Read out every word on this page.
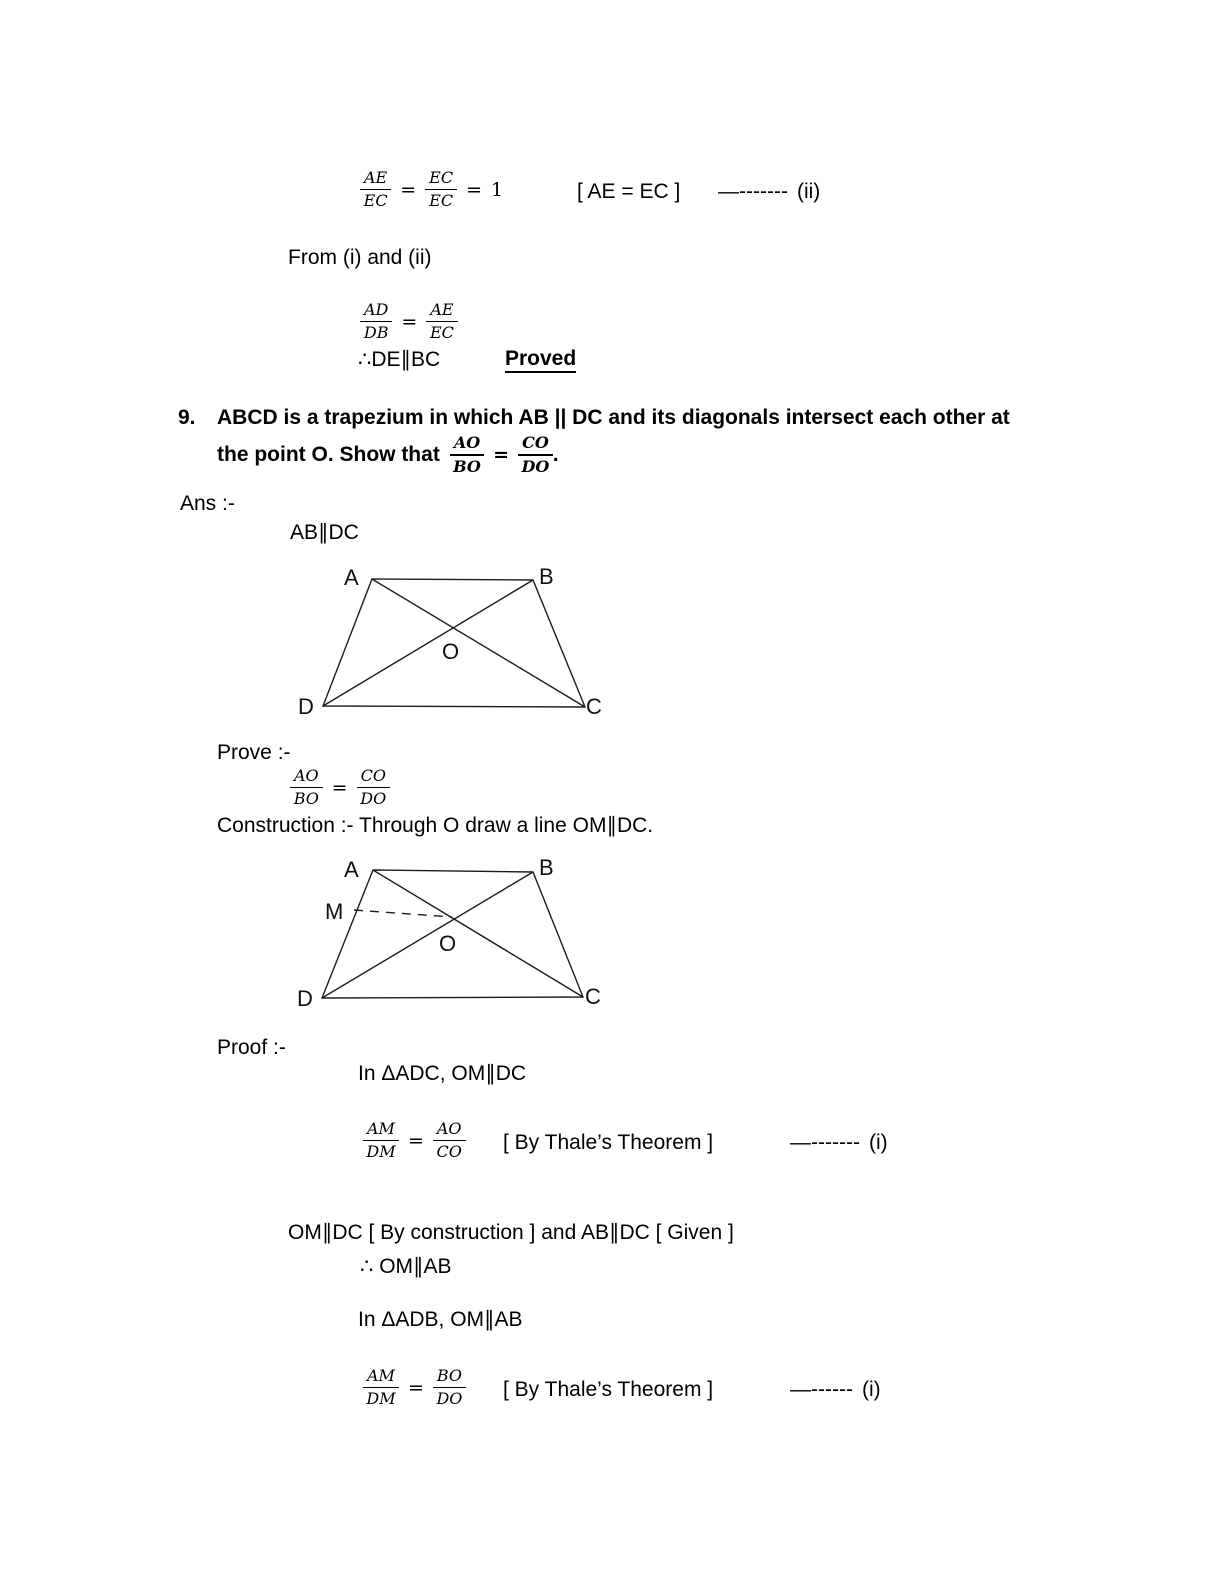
$\frac{AE}{EC} = \frac{EC}{EC} = 1$	[ AE = EC ] —------- (ii)
From (i) and (ii)
$\frac{AD}{DB} = \frac{AE}{EC}$
∴DE∥BC	Proved
9. ABCD is a trapezium in which AB || DC and its diagonals intersect each other at
the point O. Show that $\frac{AO}{BO} = \frac{CO}{DO}$ .
Ans :-
AB∥DC
A	B
D	C
O
Prove :-
$\frac{AO}{BO} = \frac{CO}{DO}$
Construction :- Through O draw a line OM∥DC.
A	B
M
O
D	C
Proof :-
In ΔADC, OM∥DC
$\frac{AM}{DM} = \frac{AO}{CO}$ [ By Thale’s Theorem ]	—------- (i)
OM∥DC [ By construction ] and AB∥DC [ Given ]
∴ OM∥AB
In ΔADB, OM∥AB
$\frac{AM}{DM} = \frac{BO}{DO}$ [ By Thale’s Theorem ]	—------ (i)
